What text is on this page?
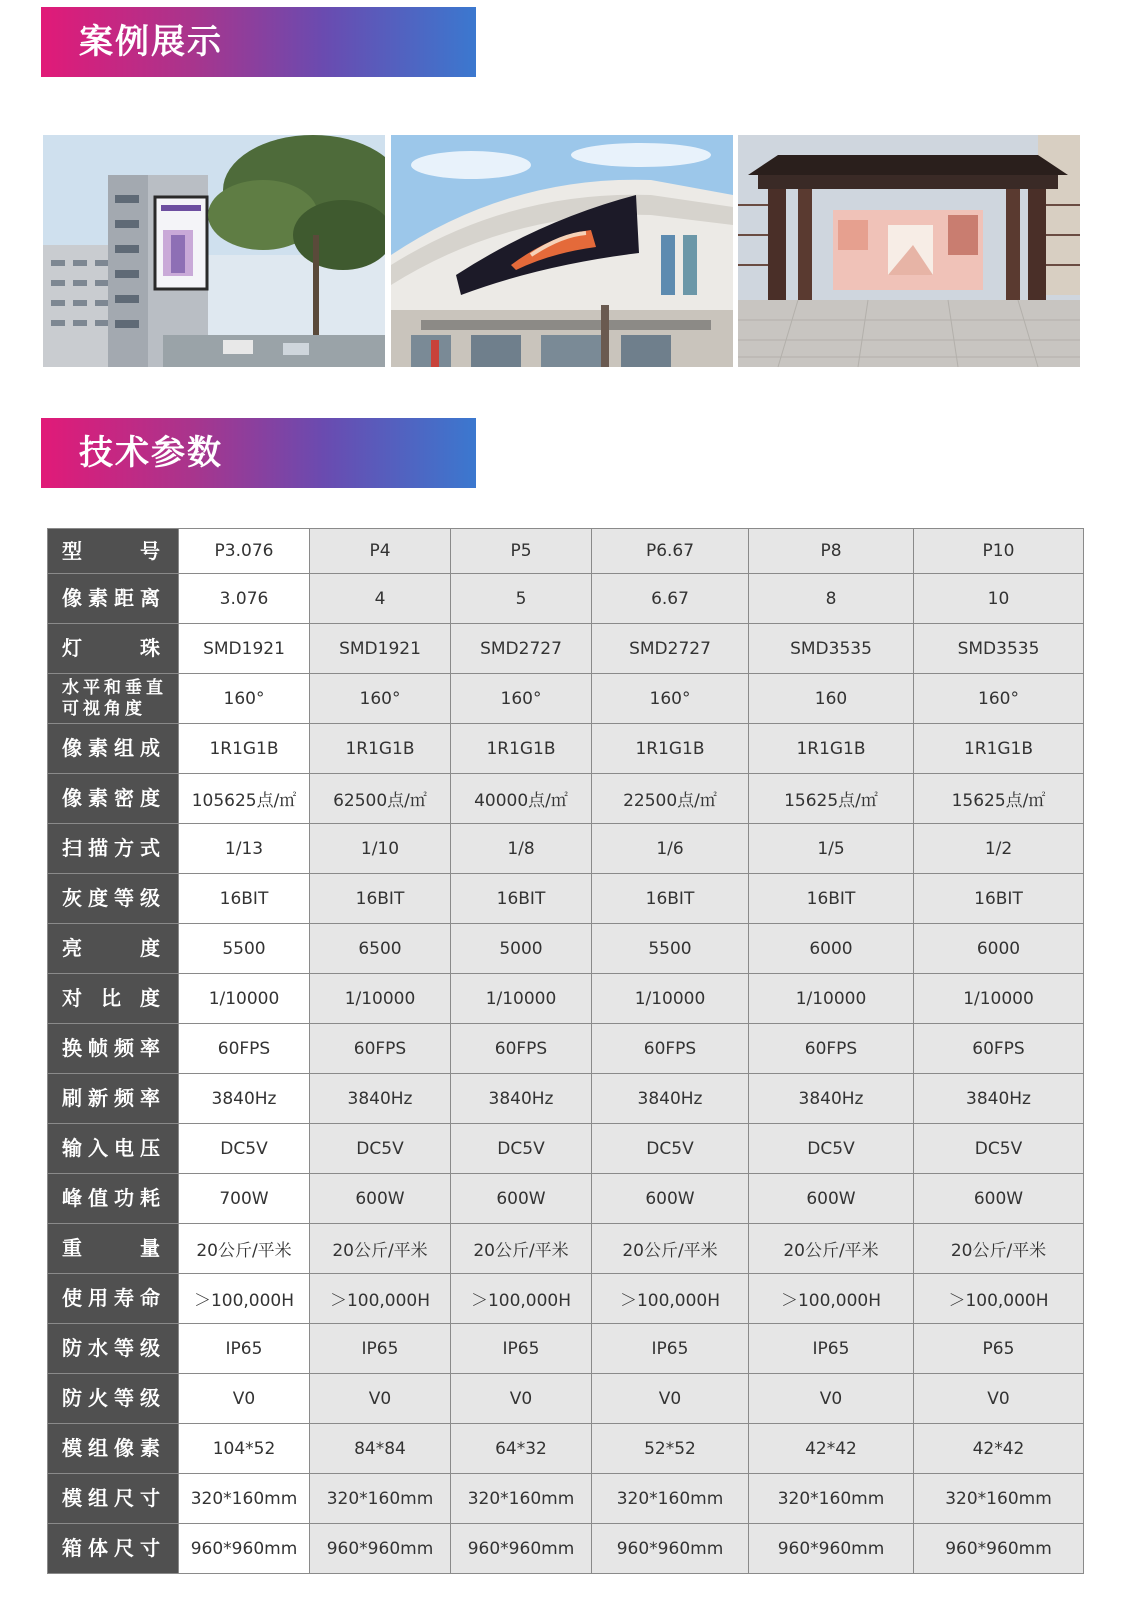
案例展示
技术参数
型　　号	P3.076	P4	P5	P6.67	P8	P10
像素距离	3.076	4	5	6.67	8	10
灯　　珠	SMD1921	SMD1921	SMD2727	SMD2727	SMD3535	SMD3535
水平和垂直可视角度	160°	160°	160°	160°	160	160°
像素组成	1R1G1B	1R1G1B	1R1G1B	1R1G1B	1R1G1B	1R1G1B
像素密度	105625点/㎡	62500点/㎡	40000点/㎡	22500点/㎡	15625点/㎡	15625点/㎡
扫描方式	1/13	1/10	1/8	1/6	1/5	1/2
灰度等级	16BIT	16BIT	16BIT	16BIT	16BIT	16BIT
亮　　度	5500	6500	5000	5500	6000	6000
对 比 度	1/10000	1/10000	1/10000	1/10000	1/10000	1/10000
换帧频率	60FPS	60FPS	60FPS	60FPS	60FPS	60FPS
刷新频率	3840Hz	3840Hz	3840Hz	3840Hz	3840Hz	3840Hz
输入电压	DC5V	DC5V	DC5V	DC5V	DC5V	DC5V
峰值功耗	700W	600W	600W	600W	600W	600W
重　　量	20公斤/平米	20公斤/平米	20公斤/平米	20公斤/平米	20公斤/平米	20公斤/平米
使用寿命	＞100,000H	＞100,000H	＞100,000H	＞100,000H	＞100,000H	＞100,000H
防水等级	IP65	IP65	IP65	IP65	IP65	P65
防火等级	V0	V0	V0	V0	V0	V0
模组像素	104*52	84*84	64*32	52*52	42*42	42*42
模组尺寸	320*160mm	320*160mm	320*160mm	320*160mm	320*160mm	320*160mm
箱体尺寸	960*960mm	960*960mm	960*960mm	960*960mm	960*960mm	960*960mm
